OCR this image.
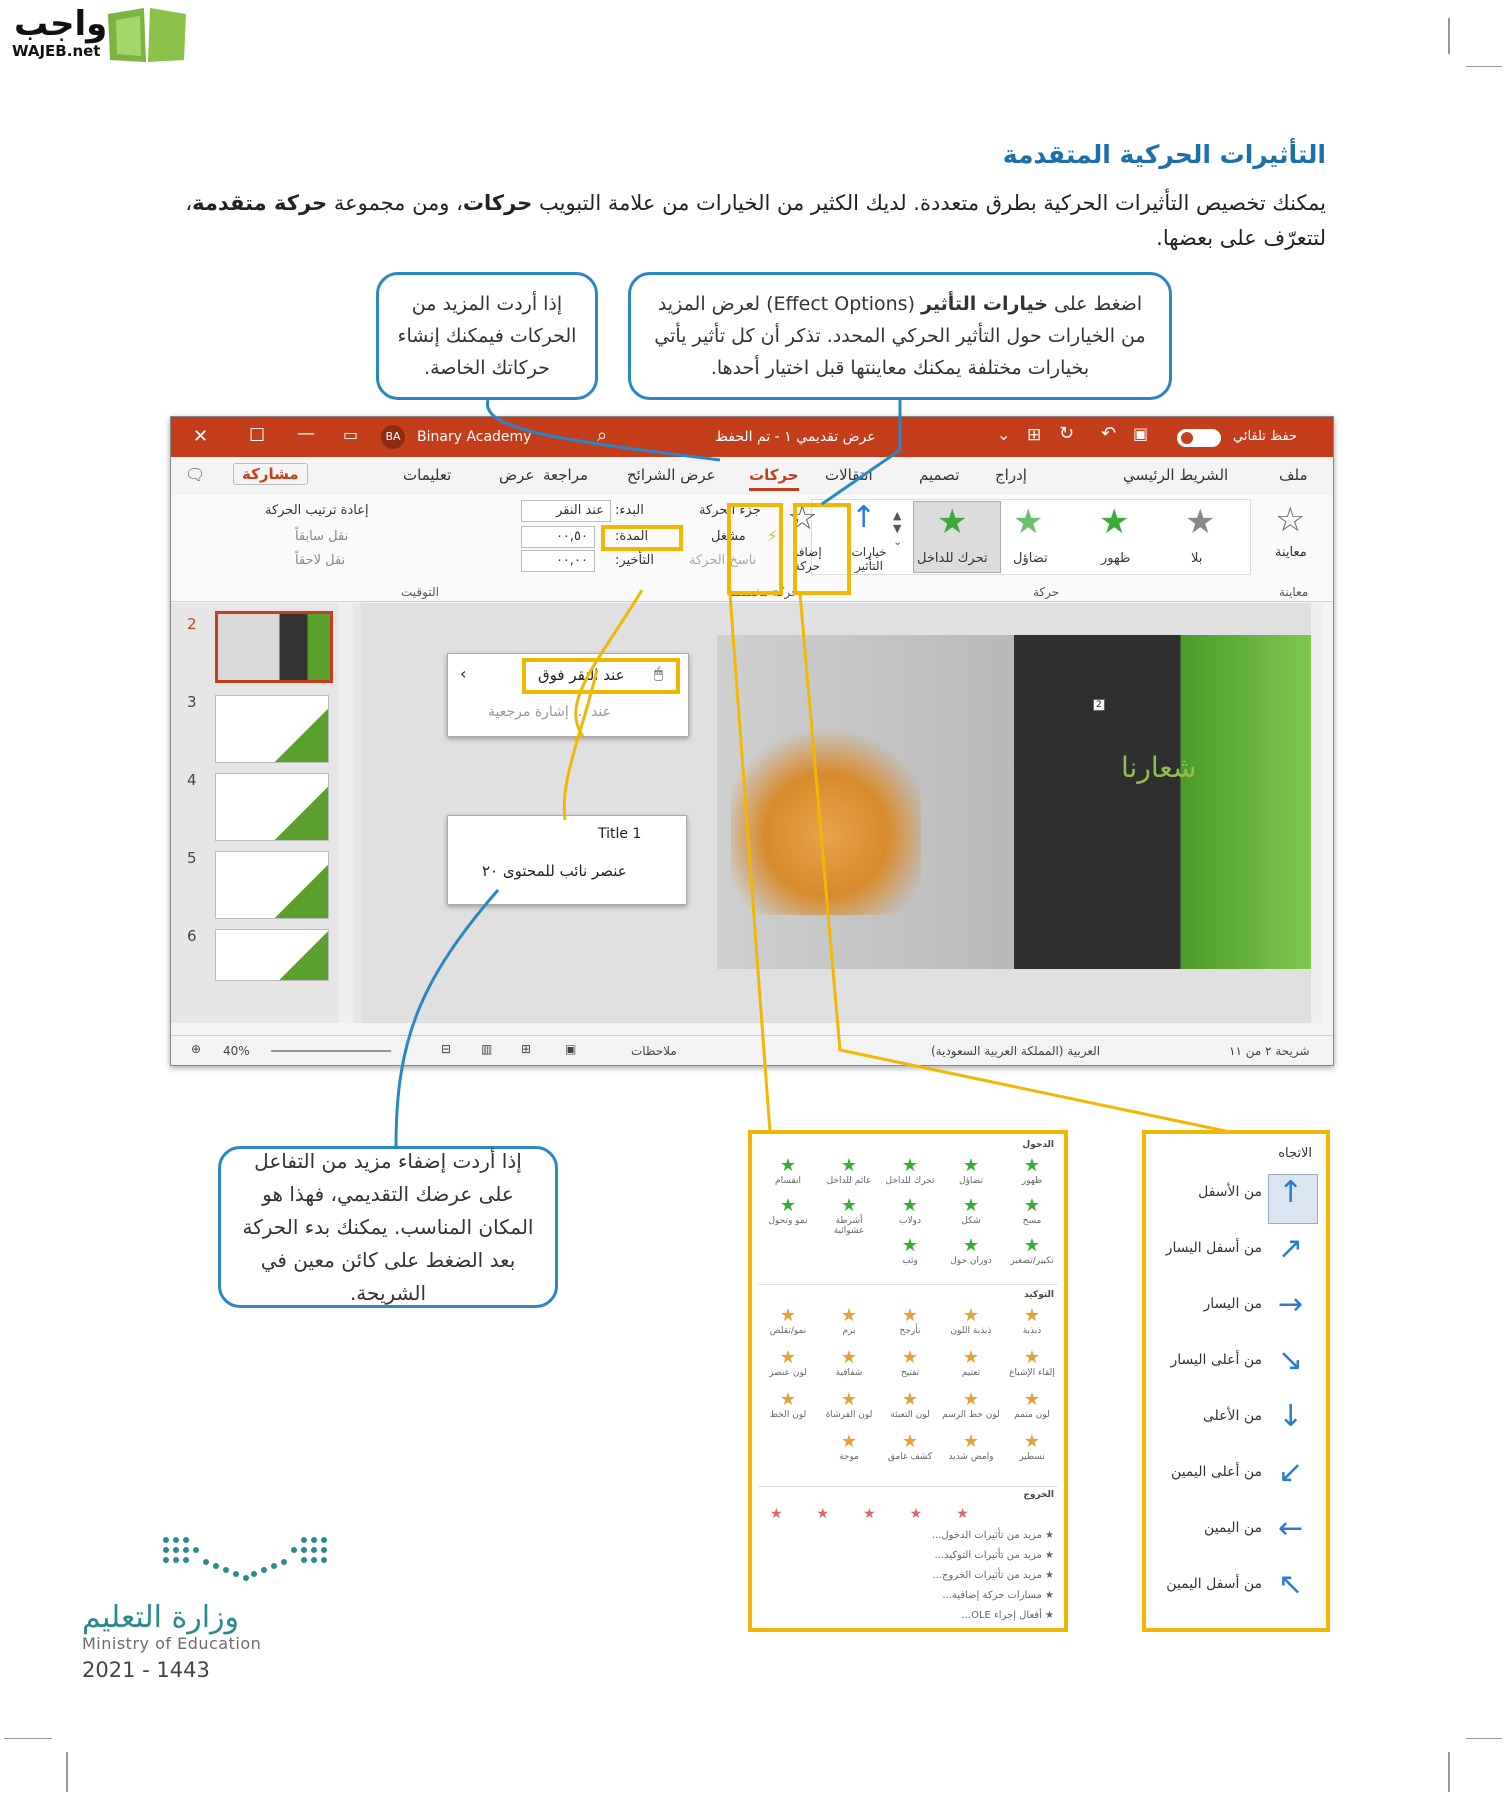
واجب
WAJEB.net
التأثيرات الحركية المتقدمة
يمكنك تخصيص التأثيرات الحركية بطرق متعددة. لديك الكثير من الخيارات من علامة التبويب حركات، ومن مجموعة حركة متقدمة، لتتعرّف على بعضها.
إذا أردت المزيد من الحركات فيمكنك إنشاء حركاتك الخاصة.
اضغط على خيارات التأثير (Effect Options) لعرض المزيد من الخيارات حول التأثير الحركي المحدد. تذكر أن كل تأثير يأتي بخيارات مختلفة يمكنك معاينتها قبل اختيار أحدها.
إذا أردت إضفاء مزيد من التفاعل على عرضك التقديمي، فهذا هو المكان المناسب. يمكنك بدء الحركة بعد الضغط على كائن معين في الشريحة.
✕ ☐ — ▭	BA	Binary Academy	⌕	عرض تقديمي ١ - تم الحفظ	⌄ ⊞ ↻ ↶ ▣	حفظ تلقائي
🗨	مشاركة	تعليمات	عرض مراجعة	عرض الشرائح حركات انتقالات	تصميم إدراج	الشريط الرئيسي	ملف
☆
معاينة
معاينة
★
بلا
★
ظهور
★
تضاؤل
★
تحرك للداخل
▲
▼
⌄
↑
خيارات التأثير
حركة
☆
إضافة حركة
جزء الحركة
مشغل ⚡
ناسخ الحركة
حركة مخصصة
البدء:
عند النقر
المدة:
٠٠,٥٠
التأخير:
٠٠,٠٠
إعادة ترتيب الحركة
نقل سابقاً
نقل لاحقاً
التوقيت
2
3
4
5
6
شعارنا
2
‹	عند النقر فوق 🖱
عند ... إشارة مرجعية
Title 1
عنصر نائب للمحتوى ٢٠
⊕ 40%	⊟ ▥ ⊞	▣	ملاحظات	العربية (المملكة العربية السعودية)	شريحة ٢ من ١١
الدخول
★
ظهور
★
تضاؤل
★
تحرك للداخل
★
عائم للداخل
★
انقسام
★
مسح
★
شكل
★
دولاب
★
أشرطة عشوائية
★
نمو وتحول
★
تكبير/تصغير
★
دوران حول
★
وثب
التوكيد
★
ذبذبة
★
ذبذبة اللون
★
تأرجح
★
برم
★
نمو/تقلص
★
إلقاء الإشباع
★
تعتيم
★
تفتيح
★
شفافية
★
لون عنصر
★
لون متمم
★
لون خط الرسم
★
لون التعبئة
★
لون الفرشاة
★
لون الخط
★
تسطير
★
وامض شديد
★
كشف غامق
★
موجة
الخروج
★★★★★
★ مزيد من تأثيرات الدخول...
★ مزيد من تأثيرات التوكيد...
★ مزيد من تأثيرات الخروج...
★ مسارات حركة إضافية...
★ أفعال إجراء OLE...
الاتجاه
↑
من الأسفل
↗
من أسفل اليسار
→
من اليسار
↘
من أعلى اليسار
↓
من الأعلى
↙
من أعلى اليمين
←
من اليمين
↖
من أسفل اليمين
وزارة التعليم
Ministry of Education
2021 - 1443
